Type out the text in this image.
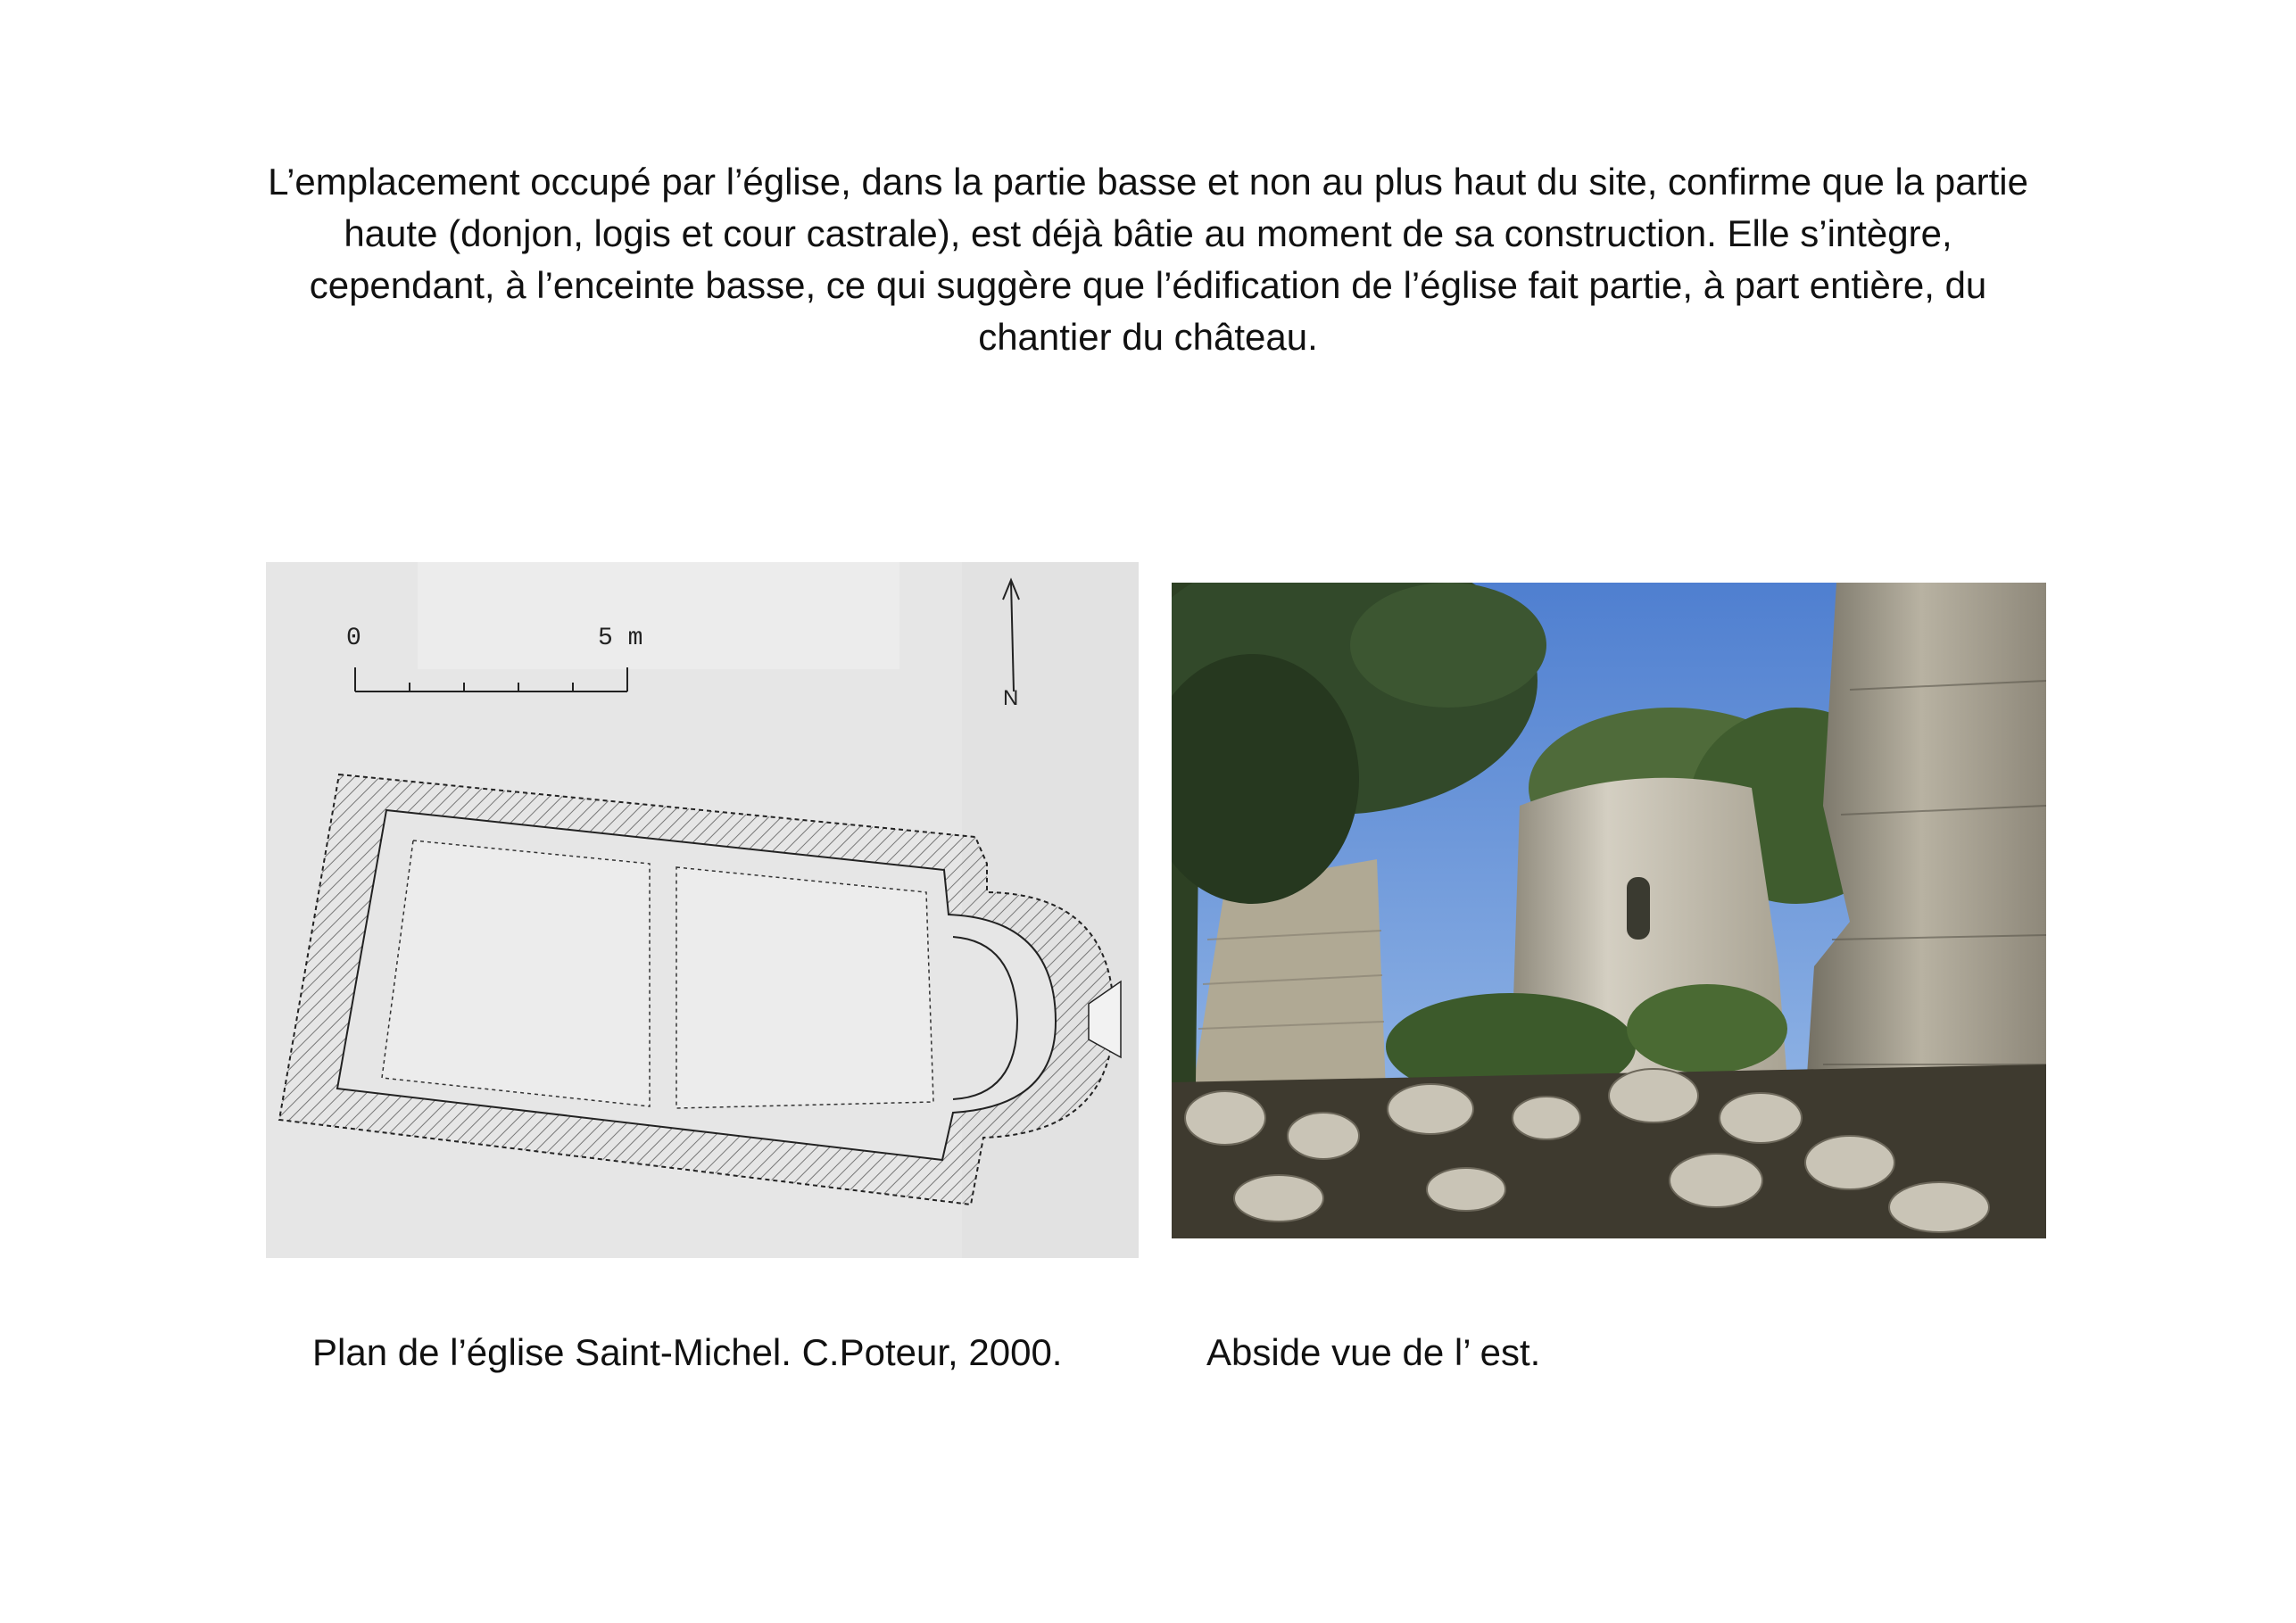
L’emplacement occupé par l’église, dans la partie basse et non au plus haut du site, confirme que la partie haute (donjon, logis et cour castrale), est déjà bâtie au moment de sa construction. Elle s’intègre, cependant, à l’enceinte basse, ce qui suggère que l’édification de l’église fait partie, à part entière, du chantier du château.

0	5 m
N

Plan de l’église Saint-Michel. C.Poteur, 2000.	Abside vue de l’ est.
